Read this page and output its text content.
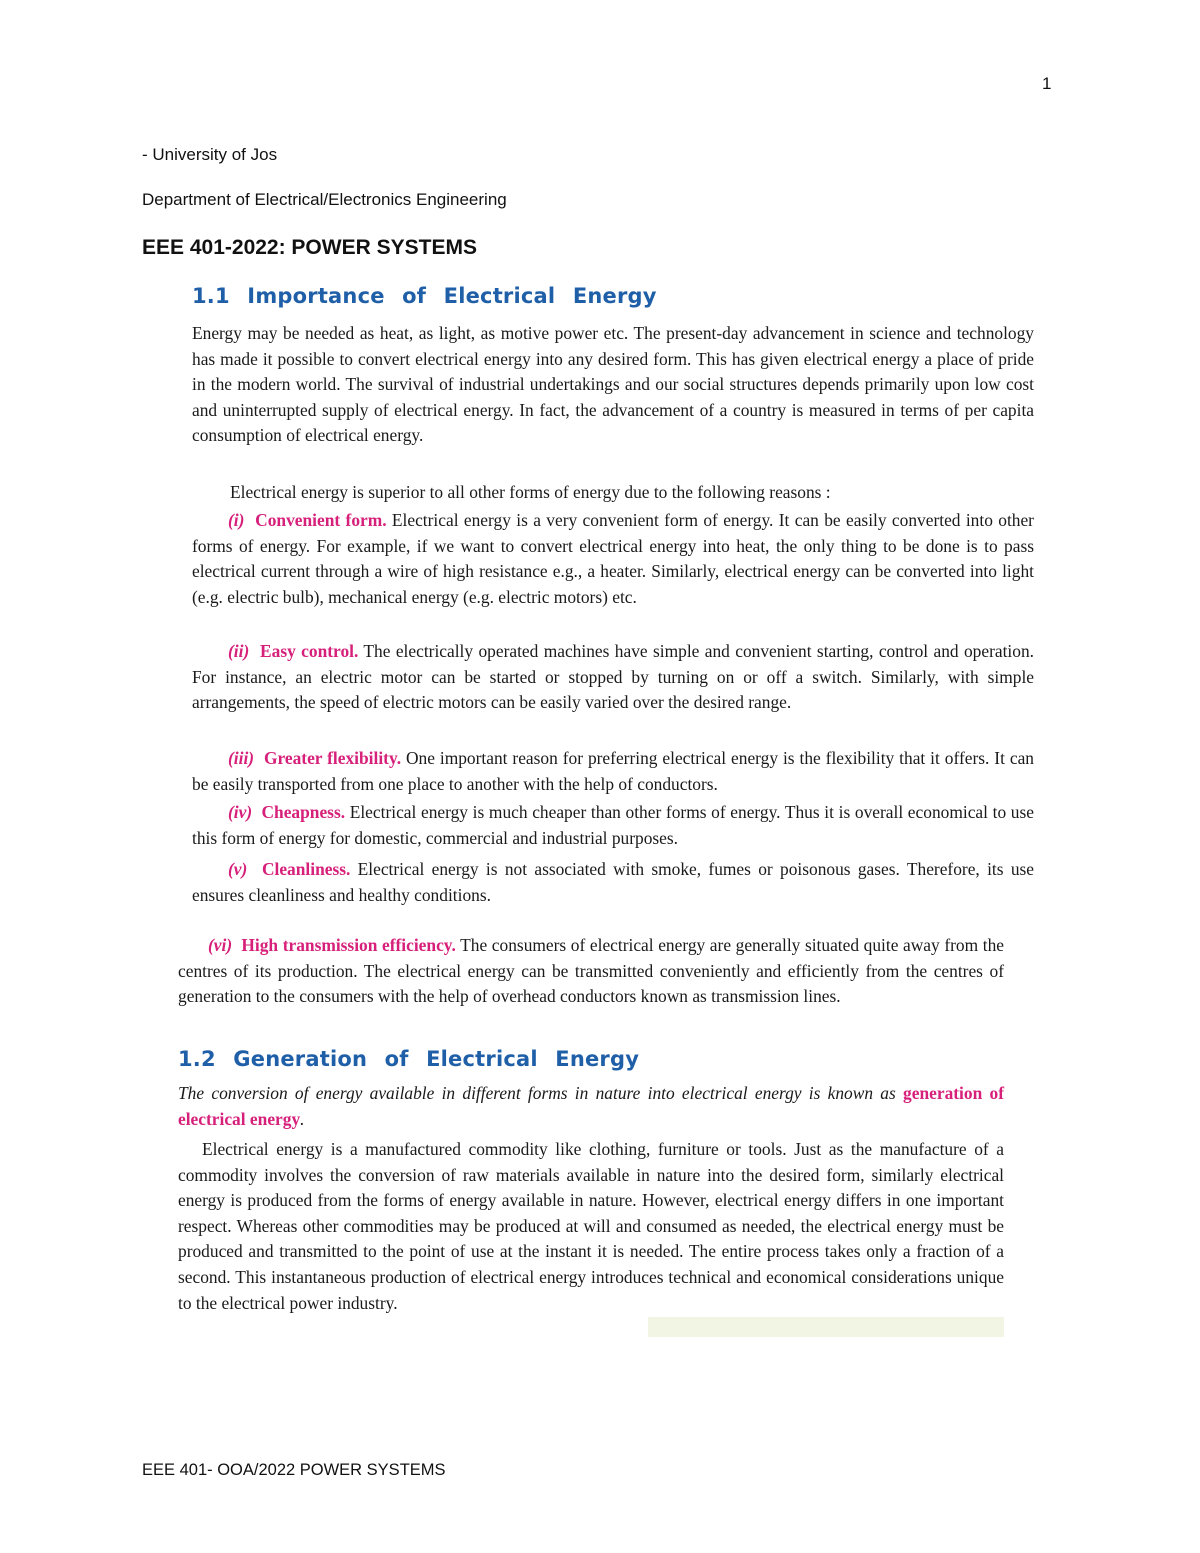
1
- University of Jos
Department of Electrical/Electronics Engineering
EEE 401-2022: POWER SYSTEMS
1.1 Importance of Electrical Energy
Energy may be needed as heat, as light, as motive power etc. The present-day advancement in science and technology has made it possible to convert electrical energy into any desired form. This has given electrical energy a place of pride in the modern world. The survival of industrial undertakings and our social structures depends primarily upon low cost and uninterrupted supply of electrical energy. In fact, the advancement of a country is measured in terms of per capita consumption of electrical energy.
Electrical energy is superior to all other forms of energy due to the following reasons :
(i) Convenient form. Electrical energy is a very convenient form of energy. It can be easily converted into other forms of energy. For example, if we want to convert electrical energy into heat, the only thing to be done is to pass electrical current through a wire of high resistance e.g., a heater. Similarly, electrical energy can be converted into light (e.g. electric bulb), mechanical energy (e.g. electric motors) etc.
(ii) Easy control. The electrically operated machines have simple and convenient starting, control and operation. For instance, an electric motor can be started or stopped by turning on or off a switch. Similarly, with simple arrangements, the speed of electric motors can be easily varied over the desired range.
(iii) Greater flexibility. One important reason for preferring electrical energy is the flexibility that it offers. It can be easily transported from one place to another with the help of conductors.
(iv) Cheapness. Electrical energy is much cheaper than other forms of energy. Thus it is overall economical to use this form of energy for domestic, commercial and industrial purposes.
(v) Cleanliness. Electrical energy is not associated with smoke, fumes or poisonous gases. Therefore, its use ensures cleanliness and healthy conditions.
(vi) High transmission efficiency. The consumers of electrical energy are generally situated quite away from the centres of its production. The electrical energy can be transmitted conveniently and efficiently from the centres of generation to the consumers with the help of overhead conductors known as transmission lines.
1.2 Generation of Electrical Energy
The conversion of energy available in different forms in nature into electrical energy is known as generation of electrical energy.
Electrical energy is a manufactured commodity like clothing, furniture or tools. Just as the manufacture of a commodity involves the conversion of raw materials available in nature into the desired form, similarly electrical energy is produced from the forms of energy available in nature. However, electrical energy differs in one important respect. Whereas other commodities may be produced at will and consumed as needed, the electrical energy must be produced and transmitted to the point of use at the instant it is needed. The entire process takes only a fraction of a second. This instantaneous production of electrical energy introduces technical and economical considerations unique to the electrical power industry.
EEE 401- OOA/2022 POWER SYSTEMS
